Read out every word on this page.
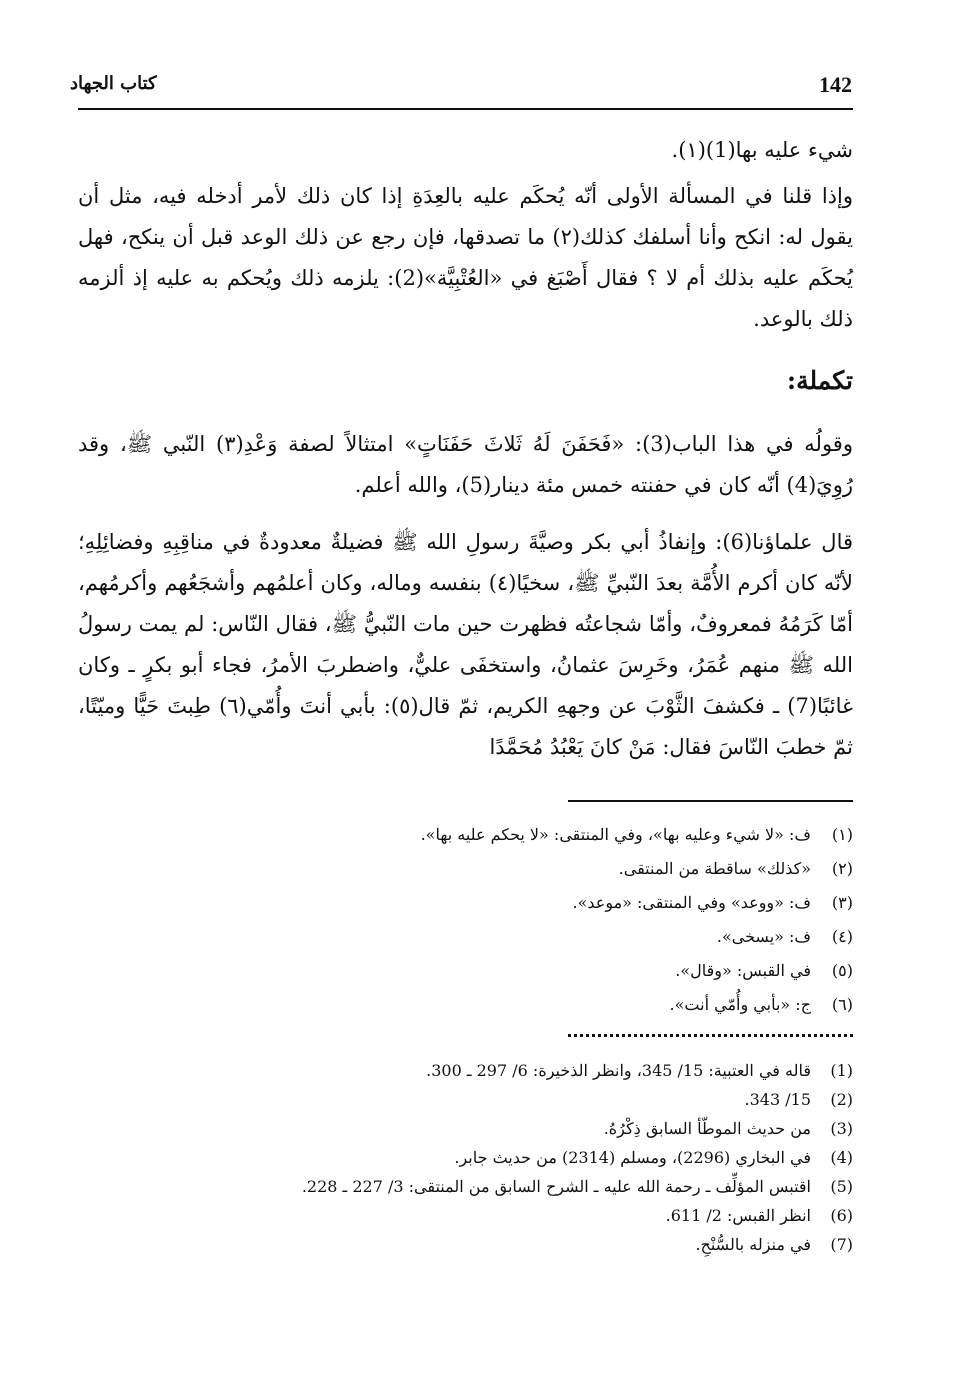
142
كتاب الجهاد

شيء عليه بها(1)(١).

وإذا قلنا في المسألة الأولى أنّه يُحكَم عليه بالعِدَةِ إذا كان ذلك لأمر أدخله فيه، مثل أن يقول له: انكح وأنا أسلفك كذلك(٢) ما تصدقها، فإن رجع عن ذلك الوعد قبل أن ينكح، فهل يُحكَم عليه بذلك أم لا ؟ فقال أَصْبَغ في «العُتْبِيَّة»(2): يلزمه ذلك ويُحكم به عليه إذ ألزمه ذلك بالوعد.

تكملة:

وقولُه في هذا الباب(3): «فَحَفَنَ لَهُ ثَلاثَ حَفَنَاتٍ» امتثالاً لصفة وَعْدِ(٣) النّبي ﷺ، وقد رُوِيَ(4) أنّه كان في حفنته خمس مئة دينار(5)، والله أعلم.

قال علماؤنا(6): وإنفاذُ أبي بكر وصيَّةَ رسولِ الله ﷺ فضيلةٌ معدودةٌ في مناقِبِهِ وفضائِلِهِ؛ لأنّه كان أكرم الأُمَّة بعدَ النّبيِّ ﷺ، سخيًا(٤) بنفسه وماله، وكان أعلمُهم وأشجَعُهم وأكرمُهم، أمّا كَرَمُهُ فمعروفٌ، وأمّا شجاعتُه فظهرت حين مات النّبيُّ ﷺ، فقال النّاس: لم يمت رسولُ الله ﷺ منهم عُمَرُ، وخَرِسَ عثمانُ، واستخفَى عليٌّ، واضطربَ الأمرُ، فجاء أبو بكرٍ ـ وكان غائبًا(7) ـ فكشفَ الثَّوْبَ عن وجههِ الكريم، ثمّ قال(٥): بأبي أنتَ وأُمّي(٦) طِبتَ حَيًّا وميّتًا، ثمّ خطبَ النّاسَ فقال: مَنْ كانَ يَعْبُدُ مُحَمَّدًا

(١)
ف: «لا شيء وعليه بها»، وفي المنتقى: «لا يحكم عليه بها».
(٢)
«كذلك» ساقطة من المنتقى.
(٣)
ف: «ووعد» وفي المنتقى: «موعد».
(٤)
ف: «يسخى».
(٥)
في القبس: «وقال».
(٦)
ج: «بأبي وأُمّي أنت».
(1)
قاله في العتبية: 15/ 345، وانظر الذخيرة: 6/ 297 ـ 300.
(2)
15/ 343.
(3)
من حديث الموطّأ السابق ذِكْرُهُ.
(4)
في البخاري (2296)، ومسلم (2314) من حديث جابر.
(5)
اقتبس المؤلِّف ـ رحمة الله عليه ـ الشرح السابق من المنتقى: 3/ 227 ـ 228.
(6)
انظر القبس: 2/ 611.
(7)
في منزله بالسُّنْحِ.
